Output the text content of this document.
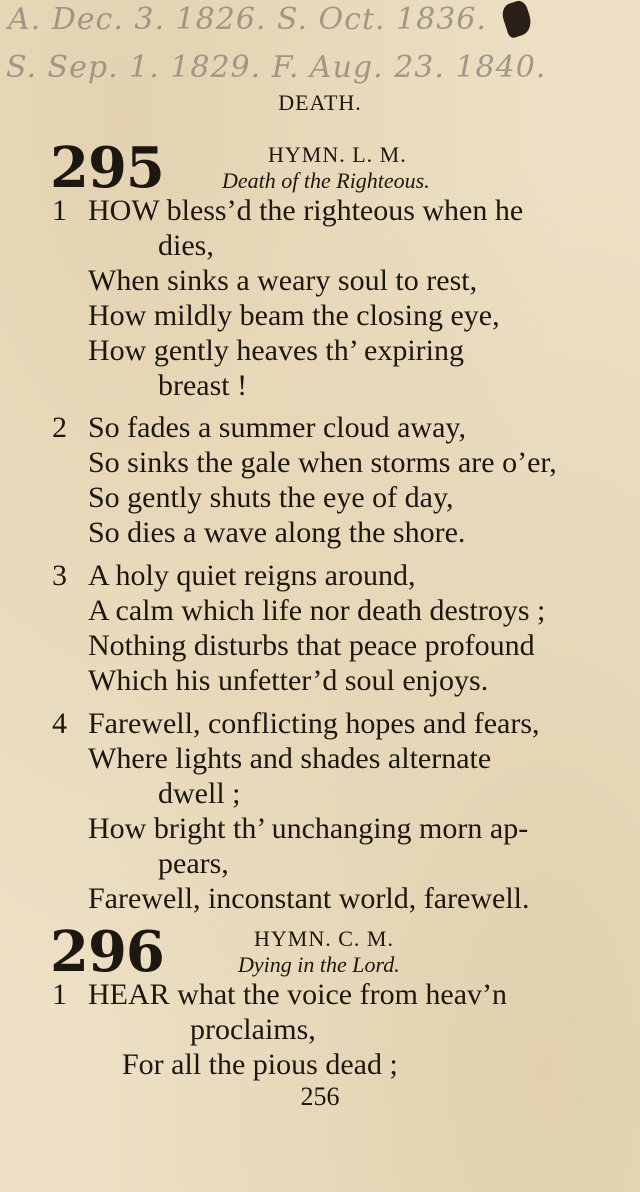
A. Dec. 3. 1826. S. Oct. 1836.
S. Sep. 1. 1829. F. Aug. 23. 1840.
DEATH.
295	HYMN. L. M.
Death of the Righteous.
1 HOW bless’d the righteous when he
dies,
When sinks a weary soul to rest,
How mildly beam the closing eye,
How gently heaves th’ expiring
breast !
2 So fades a summer cloud away,
So sinks the gale when storms are o’er,
So gently shuts the eye of day,
So dies a wave along the shore.
3 A holy quiet reigns around,
A calm which life nor death destroys ;
Nothing disturbs that peace profound
Which his unfetter’d soul enjoys.
4 Farewell, conflicting hopes and fears,
Where lights and shades alternate
dwell ;
How bright th’ unchanging morn ap-
pears,
Farewell, inconstant world, farewell.
296	HYMN. C. M.
Dying in the Lord.
1 HEAR what the voice from heav’n
proclaims,
For all the pious dead ;
256
